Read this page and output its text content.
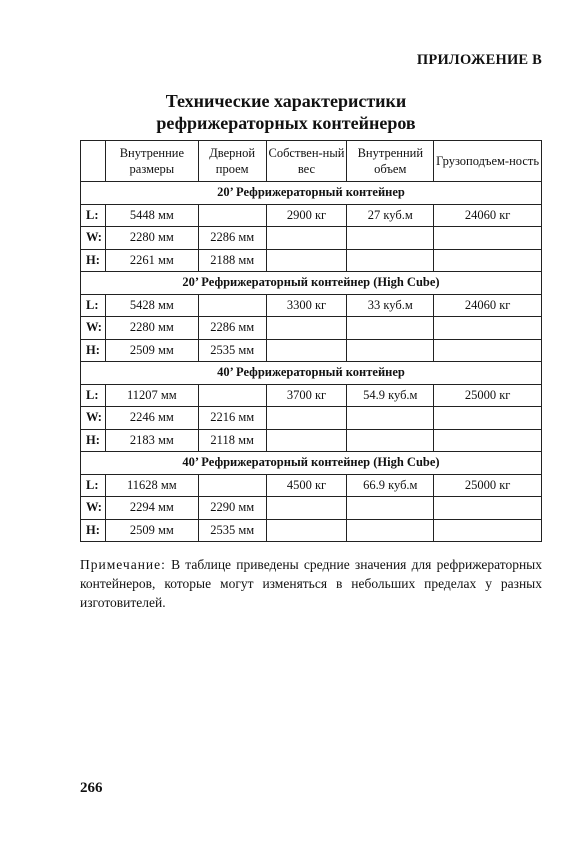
ПРИЛОЖЕНИЕ В
Технические характеристики
рефрижераторных контейнеров
	Внутренние размеры	Дверной проем	Собствен-ный вес	Внутренний объем	Грузоподъем-ность
20’ Рефрижераторный контейнер					
L:	5448 мм		2900 кг	27 куб.м	24060 кг
W:	2280 мм	2286 мм			
H:	2261 мм	2188 мм			
20’ Рефрижераторный контейнер (High Cube)					
L:	5428 мм		3300 кг	33 куб.м	24060 кг
W:	2280 мм	2286 мм			
H:	2509 мм	2535 мм			
40’ Рефрижераторный контейнер					
L:	11207 мм		3700 кг	54.9 куб.м	25000 кг
W:	2246 мм	2216 мм			
H:	2183 мм	2118 мм			
40’ Рефрижераторный контейнер (High Cube)					
L:	11628 мм		4500 кг	66.9 куб.м	25000 кг
W:	2294 мм	2290 мм			
H:	2509 мм	2535 мм			
Примечание: В таблице приведены средние значения для рефрижераторных контейнеров, которые могут изменяться в небольших пределах у разных изготовителей.
266
